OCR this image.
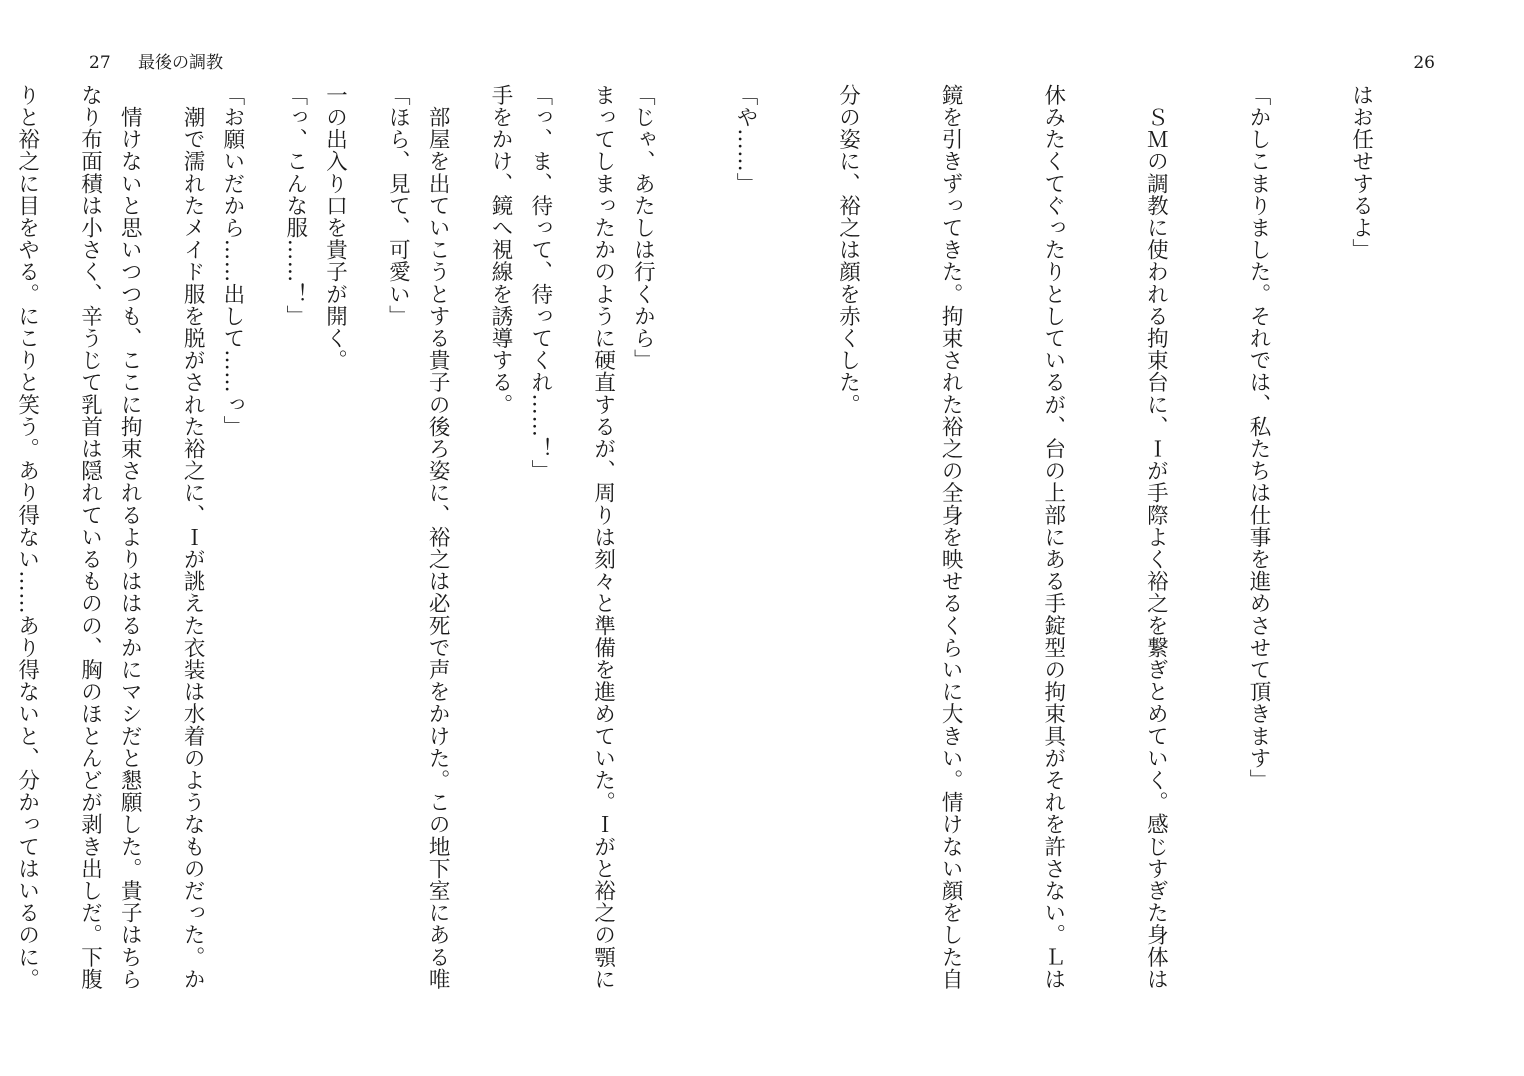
27 最後の調教

まってしまったかのように硬直するが、周りは刻々と準備を進めていた。Ｉがと裕之の顎に

手をかけ、鏡へ視線を誘導する。

「ほら、見て、可愛い」

「っ、こんな服……！」

　潮で濡れたメイド服を脱がされた裕之に、Ｉが誂えた衣装は水着のようなものだった。か

なり布面積は小さく、辛うじて乳首は隠れているものの、胸のほとんどが剥き出しだ。下腹

26

はお任せするよ」

「かしこまりました。それでは、私たちは仕事を進めさせて頂きます」

　ＳＭの調教に使われる拘束台に、Ｉが手際よく裕之を繋ぎとめていく。感じすぎた身体は

休みたくてぐったりとしているが、台の上部にある手錠型の拘束具がそれを許さない。Ｌは

鏡を引きずってきた。拘束された裕之の全身を映せるくらいに大きい。情けない顔をした自

分の姿に、裕之は顔を赤くした。

「や……」

「じゃ、あたしは行くから」

「っ、ま、待って、待ってくれ……！」

　部屋を出ていこうとする貴子の後ろ姿に、裕之は必死で声をかけた。この地下室にある唯

一の出入り口を貴子が開く。

「お願いだから……出して……っ」

　情けないと思いつつも、ここに拘束されるよりははるかにマシだと懇願した。貴子はちら

りと裕之に目をやる。にこりと笑う。あり得ない……あり得ないと、分かってはいるのに。
